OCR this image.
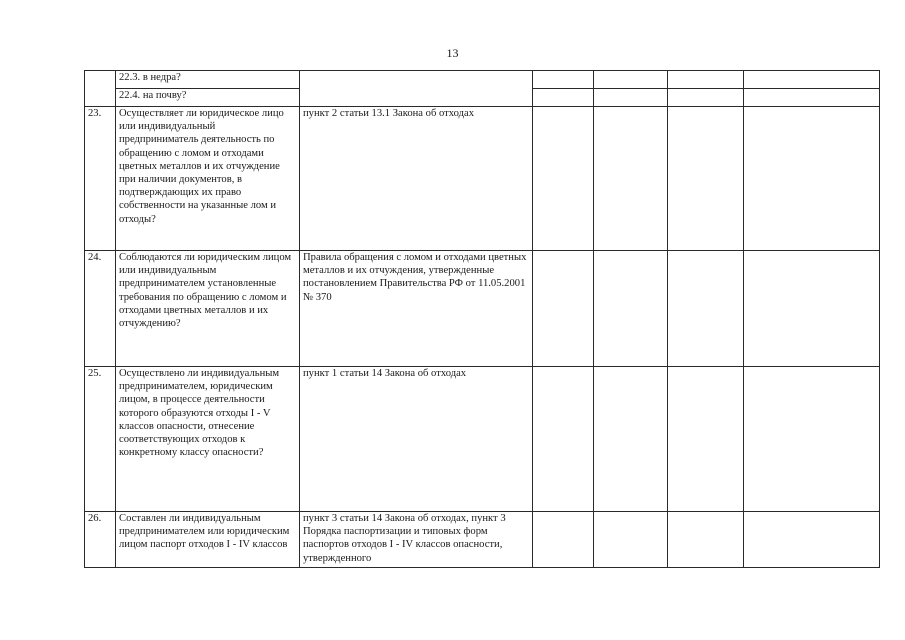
13
	22.3. в недра?					
	22.4. на почву?					
23.	Осуществляет ли юридическое лицо или индивидуальный предприниматель деятельность по обращению с ломом и отходами цветных металлов и их отчуждение при наличии документов, в подтверждающих их право собственности на указанные лом и отходы?	пункт 2 статьи 13.1 Закона об отходах				
24.	Соблюдаются ли юридическим лицом или индивидуальным предпринимателем установленные требования по обращению с ломом и отходами цветных металлов и их отчуждению?	Правила обращения с ломом и отходами цветных металлов и их отчуждения, утвержденные постановлением Правительства РФ от 11.05.2001 № 370				
25.	Осуществлено ли индивидуальным предпринимателем, юридическим лицом, в процессе деятельности которого образуются отходы I - V классов опасности, отнесение соответствующих отходов к конкретному классу опасности?	пункт 1 статьи 14 Закона об отходах				
26.	Составлен ли индивидуальным предпринимателем или юридическим лицом паспорт отходов I - IV классов	пункт 3 статьи 14 Закона об отходах, пункт 3 Порядка паспортизации и типовых форм паспортов отходов I - IV классов опасности, утвержденного				
